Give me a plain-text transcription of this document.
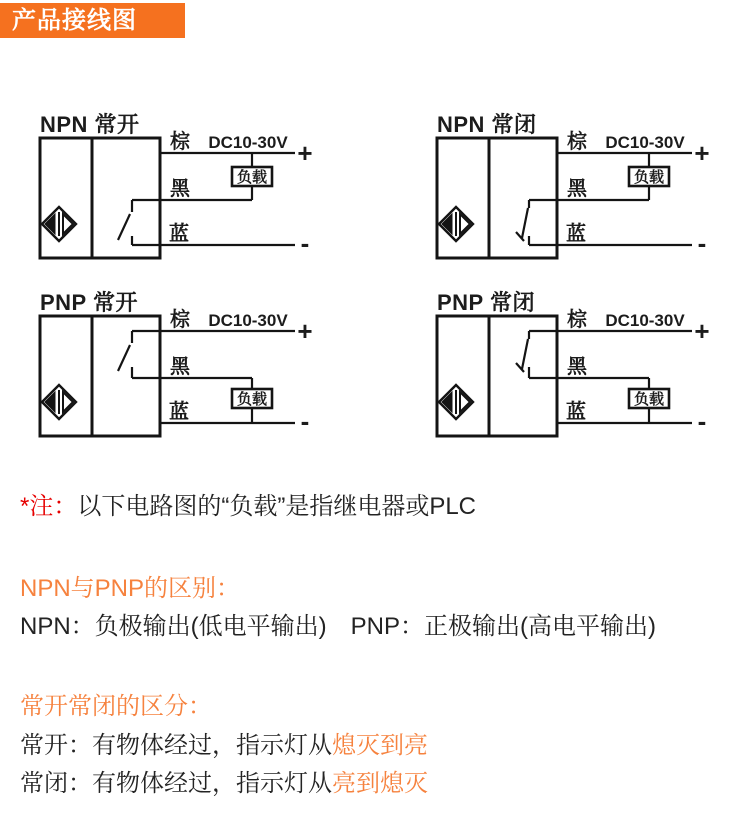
产品接线图
NPN 常开
负载
棕 DC10-30V
黑
蓝
+
-
NPN 常闭
负载
棕 DC10-30V
黑
蓝
+
-
PNP 常开
负载
棕 DC10-30V
黑
蓝
+
-
PNP 常闭
负载
棕 DC10-30V
黑
蓝
+
-
*注：以下电路图的“负载”是指继电器或PLC
NPN与PNP的区别：
NPN：负极输出(低电平输出)　PNP：正极输出(高电平输出)
常开常闭的区分：
常开：有物体经过，指示灯从熄灭到亮
常闭：有物体经过，指示灯从亮到熄灭
